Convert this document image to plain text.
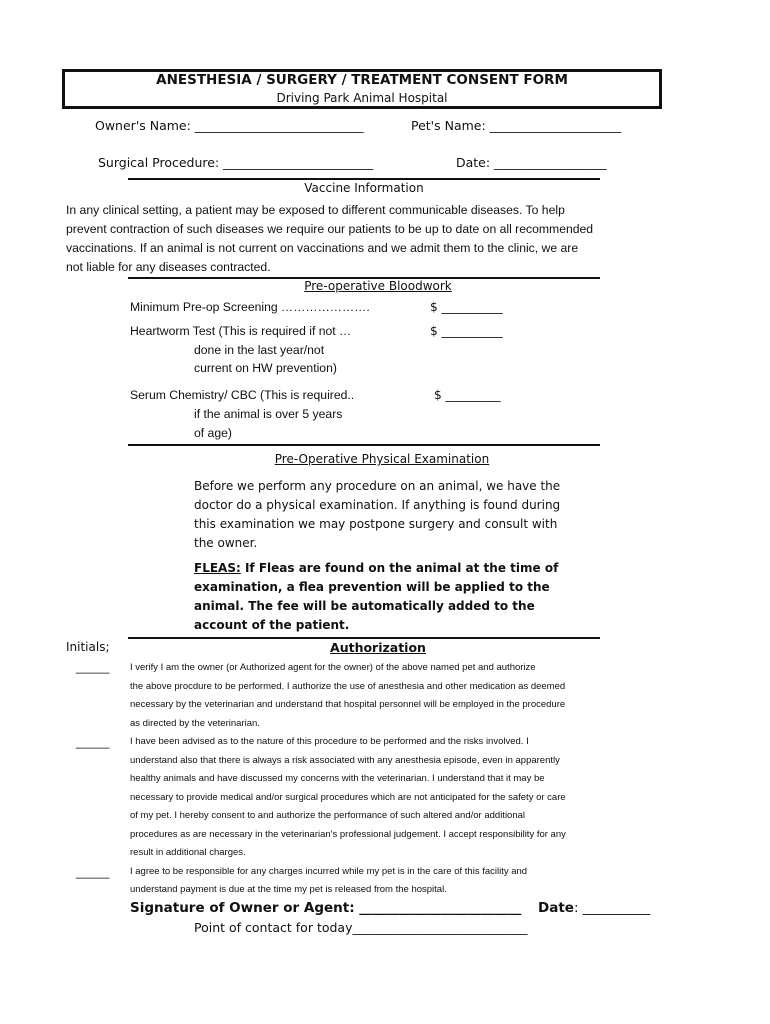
ANESTHESIA / SURGERY / TREATMENT CONSENT FORM
Driving Park Animal Hospital
Owner's Name: ___________________________	Pet's Name: _____________________
Surgical Procedure: ________________________	Date: __________________
Vaccine Information
In any clinical setting, a patient may be exposed to different communicable diseases. To help
prevent contraction of such diseases we require our patients to be up to date on all recommended
vaccinations. If an animal is not current on vaccinations and we admit them to the clinic, we are
not liable for any diseases contracted.
Pre-operative Bloodwork
Minimum Pre-op Screening ………………….	$ __________
Heartworm Test (This is required if not …	$ __________
done in the last year/not
current on HW prevention)
Serum Chemistry/ CBC (This is required..	$ _________
if the animal is over 5 years
of age)
Pre-Operative Physical Examination
Before we perform any procedure on an animal, we have the
doctor do a physical examination. If anything is found during
this examination we may postpone surgery and consult with
the owner.
FLEAS: If Fleas are found on the animal at the time of
examination, a flea prevention will be applied to the
animal. The fee will be automatically added to the
account of the patient.
Initials;	Authorization
_____
_____
_____
I verify I am the owner (or Authorized agent for the owner) of the above named pet and authorize
the above procdure to be performed. I authorize the use of anesthesia and other medication as deemed
necessary by the veterinarian and understand that hospital personnel will be employed in the procedure
as directed by the veterinarian.
I have been advised as to the nature of this procedure to be performed and the risks involved. I
understand also that there is always a risk associated with any anesthesia episode, even in apparently
healthy animals and have discussed my concerns with the veterinarian. I understand that it may be
necessary to provide medical and/or surgical procedures which are not anticipated for the safety or care
of my pet. I hereby consent to and authorize the performance of such altered and/or additional
procedures as are necessary in the veterinarian's professional judgement. I accept responsibility for any
result in additional charges.
I agree to be responsible for any charges incurred while my pet is in the care of this facility and
understand payment is due at the time my pet is released from the hospital.
Signature of Owner or Agent: ________________________ Date: __________
Point of contact for today____________________________
